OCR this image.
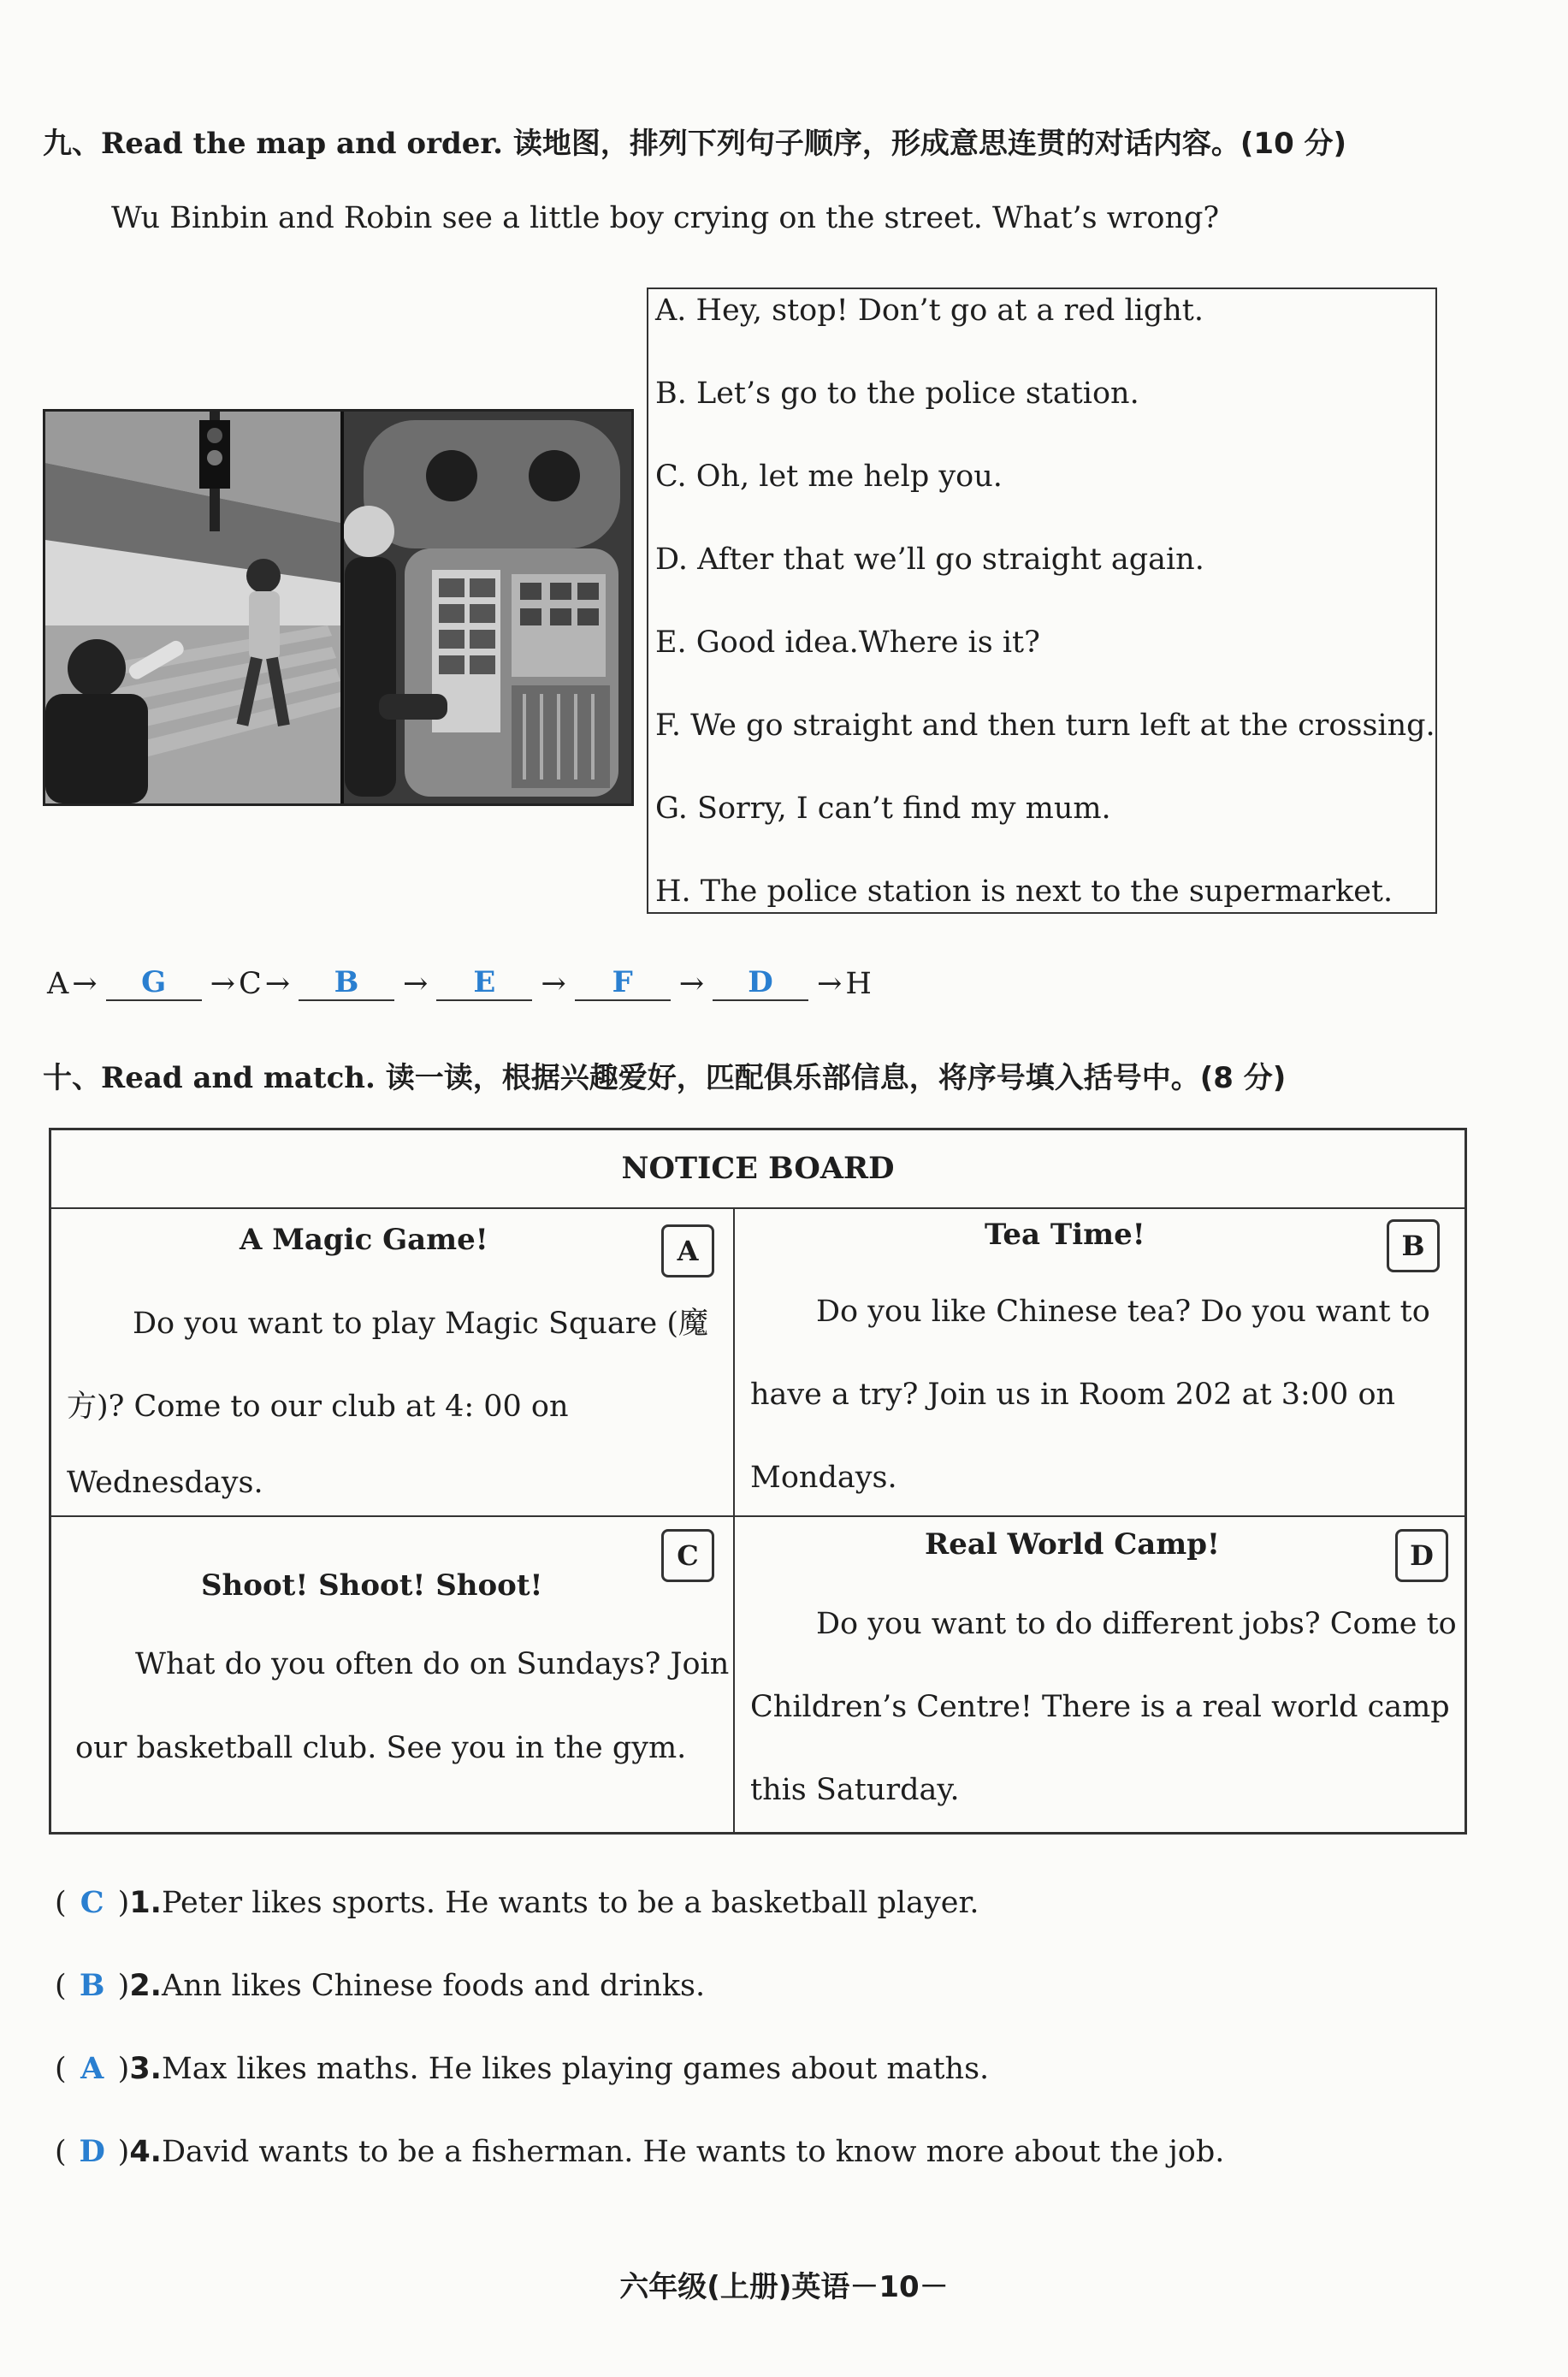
九、Read the map and order. 读地图，排列下列句子顺序，形成意思连贯的对话内容。(10 分)
Wu Binbin and Robin see a little boy crying on the street. What’s wrong?
A. Hey, stop! Don’t go at a red light.
B. Let’s go to the police station.
C. Oh, let me help you.
D. After that we’ll go straight again.
E. Good idea.Where is it?
F. We go straight and then turn left at the crossing.
G. Sorry, I can’t find my mum.
H. The police station is next to the supermarket.
A →	G	→ C →	B	→	E	→	F	→	D	→ H
十、Read and match. 读一读，根据兴趣爱好，匹配俱乐部信息，将序号填入括号中。(8 分)
NOTICE BOARD
A Magic Game!	A
Do you want to play Magic Square (魔
方)? Come to our club at 4: 00 on
Wednesdays.
Tea Time!	B
Do you like Chinese tea? Do you want to
have a try? Join us in Room 202 at 3:00 on
Mondays.
C
Shoot! Shoot! Shoot!
What do you often do on Sundays? Join
our basketball club. See you in the gym.
Real World Camp!	D
Do you want to do different jobs? Come to
Children’s Centre! There is a real world camp
this Saturday.
( C )1.Peter likes sports. He wants to be a basketball player.
( B )2.Ann likes Chinese foods and drinks.
( A )3.Max likes maths. He likes playing games about maths.
( D )4.David wants to be a fisherman. He wants to know more about the job.
六年级(上册)英语－10－
